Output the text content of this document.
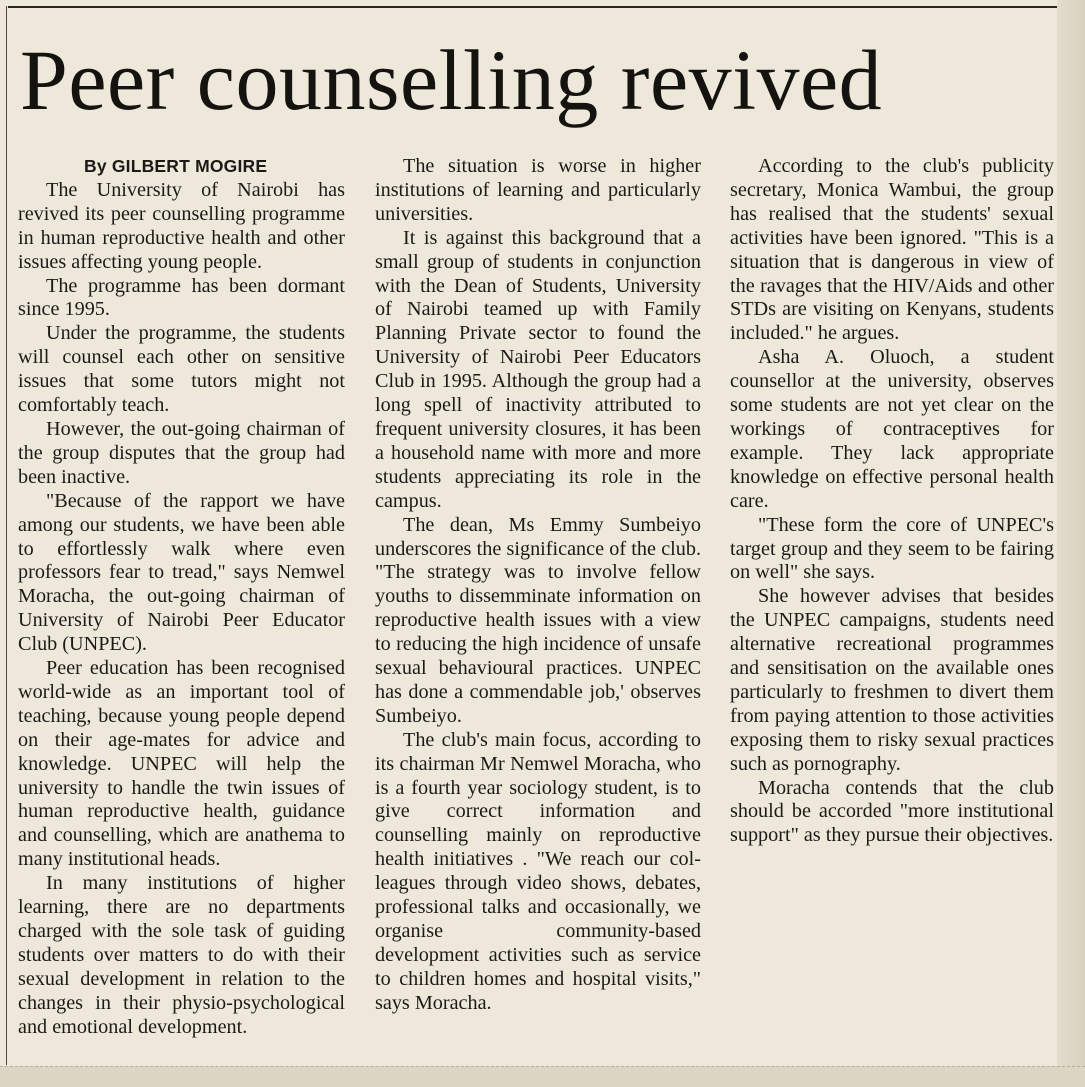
Peer counselling revived
By GILBERT MOGIRE

The University of Nairobi has revived its peer counselling programme in human reproductive health and other issues affecting young people.

The programme has been dormant since 1995.

Under the programme, the students will counsel each other on sensitive issues that some tutors might not comfortably teach.

However, the out-going chairman of the group disputes that the group had been inactive.

"Because of the rapport we have among our students, we have been able to effortlessly walk where even professors fear to tread," says Nemwel Moracha, the out-going chairman of University of Nairobi Peer Educator Club (UNPEC).

Peer education has been recognised world-wide as an important tool of teaching, because young people depend on their age-mates for advice and knowledge. UNPEC will help the university to handle the twin issues of human reproductive health, guidance and counselling, which are anathema to many institutional heads.

In many institutions of higher learning, there are no departments charged with the sole task of guiding students over matters to do with their sexual development in relation to the changes in their physio-psychological and emotional development.

The situation is worse in higher institutions of learning and particularly universities.

It is against this background that a small group of students in conjunction with the Dean of Students, University of Nairobi teamed up with Family Planning Private sector to found the University of Nairobi Peer Educators Club in 1995. Although the group had a long spell of inactivity attributed to frequent university closures, it has been a household name with more and more students appreciating its role in the campus.

The dean, Ms Emmy Sumbeiyo underscores the significance of the club. "The strategy was to involve fellow youths to dissemminate information on reproductive health issues with a view to reducing the high incidence of unsafe sexual behavioural practices. UNPEC has done a commendable job,' observes Sumbeiyo.

The club's main focus, according to its chairman Mr Nemwel Moracha, who is a fourth year sociology student, is to give correct information and counselling mainly on reproductive health initiatives . "We reach our colleagues through video shows, debates, professional talks and occasionally, we organise community-based development activities such as service to children homes and hospital visits," says Moracha.

According to the club's publicity secretary, Monica Wambui, the group has realised that the students' sexual activities have been ignored. "This is a situation that is dangerous in view of the ravages that the HIV/Aids and other STDs are visiting on Kenyans, students included." he argues.

Asha A. Oluoch, a student counsellor at the university, observes some students are not yet clear on the workings of contraceptives for example. They lack appropriate knowledge on effective personal health care.

"These form the core of UNPEC's target group and they seem to be fairing on well" she says.

She however advises that besides the UNPEC campaigns, students need alternative recreational programmes and sensitisation on the available ones particularly to freshmen to divert them from paying attention to those activities exposing them to risky sexual practices such as pornography.

Moracha contends that the club should be accorded "more institutional support" as they pursue their objectives.
